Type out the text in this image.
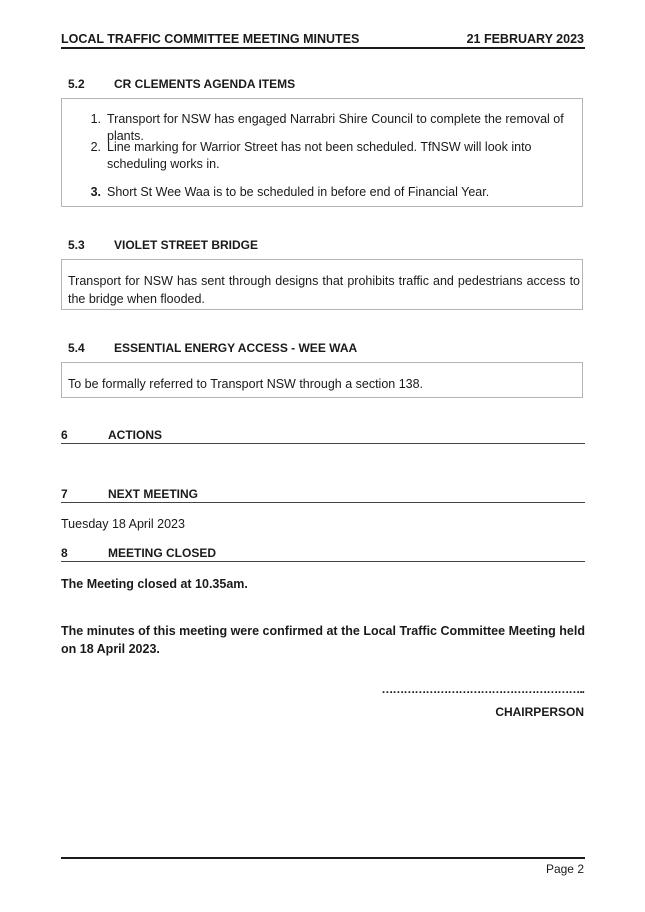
LOCAL TRAFFIC COMMITTEE MEETING MINUTES	21 FEBRUARY 2023
5.2 CR CLEMENTS AGENDA ITEMS
1. Transport for NSW has engaged Narrabri Shire Council to complete the removal of plants.
2. Line marking for Warrior Street has not been scheduled. TfNSW will look into scheduling works in.
3. Short St Wee Waa is to be scheduled in before end of Financial Year.
5.3 VIOLET STREET BRIDGE
Transport for NSW has sent through designs that prohibits traffic and pedestrians access to the bridge when flooded.
5.4 ESSENTIAL ENERGY ACCESS - WEE WAA
To be formally referred to Transport NSW through a section 138.
6	ACTIONS
7	NEXT MEETING
Tuesday 18 April 2023
8	MEETING CLOSED
The Meeting closed at 10.35am.
The minutes of this meeting were confirmed at the Local Traffic Committee Meeting held on 18 April 2023.
………………………………………………..
CHAIRPERSON
Page 2
